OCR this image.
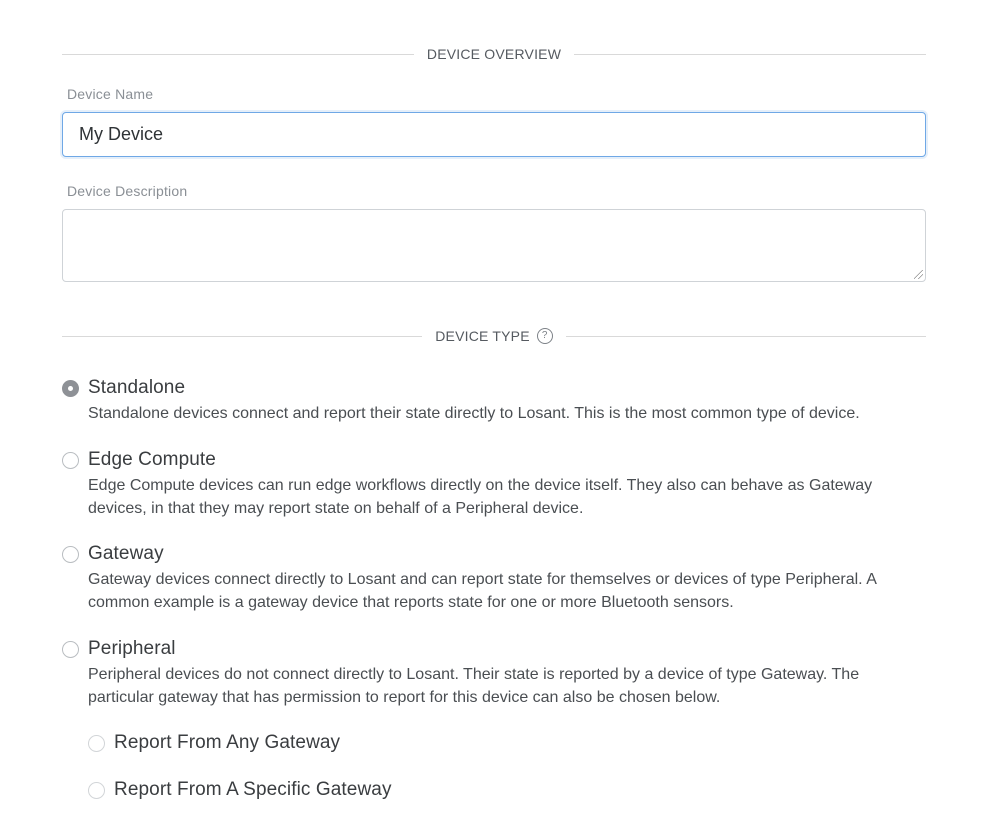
DEVICE OVERVIEW
Device Name
My Device
Device Description
DEVICE TYPE	?
Standalone
Standalone devices connect and report their state directly to Losant. This is the most common type of device.
Edge Compute
Edge Compute devices can run edge workflows directly on the device itself. They also can behave as Gateway devices, in that they may report state on behalf of a Peripheral device.
Gateway
Gateway devices connect directly to Losant and can report state for themselves or devices of type Peripheral. A common example is a gateway device that reports state for one or more Bluetooth sensors.
Peripheral
Peripheral devices do not connect directly to Losant. Their state is reported by a device of type Gateway. The particular gateway that has permission to report for this device can also be chosen below.
Report From Any Gateway
Report From A Specific Gateway
